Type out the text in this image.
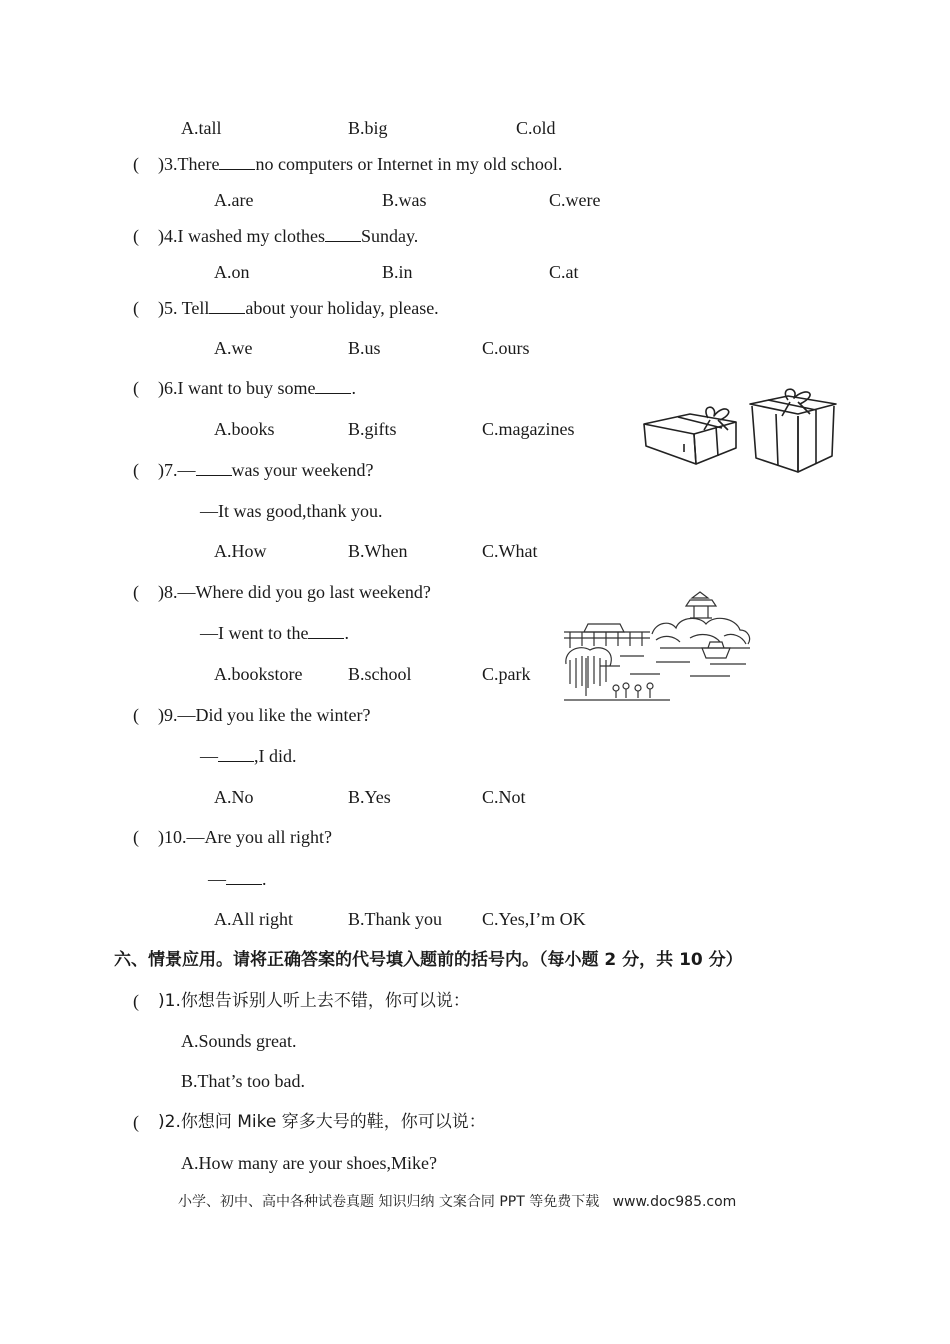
A.tall	B.big	C.old
( )3.There no computers or Internet in my old school.
A.are	B.was	C.were
( )4.I washed my clothes Sunday.
A.on	B.in	C.at
( )5. Tell about your holiday, please.
A.we	B.us	C.ours
( )6.I want to buy some .
A.books	B.gifts	C.magazines
( )7.— was your weekend?
—It was good,thank you.
A.How	B.When	C.What
( )8.—Where did you go last weekend?
—I went to the .
A.bookstore	B.school	C.park
( )9.—Did you like the winter?
— ,I did.
A.No	B.Yes	C.Not
( )10.—Are you all right?
— .
A.All right	B.Thank you C.Yes,I’m OK
六、情景应用。请将正确答案的代号填入题前的括号内。（每小题 2 分，共 10 分）
( )1.你想告诉别人听上去不错，你可以说：
A.Sounds great.
B.That’s too bad.
( )2.你想问 Mike 穿多大号的鞋，你可以说：
A.How many are your shoes,Mike?
小学、初中、高中各种试卷真题 知识归纳 文案合同 PPT 等免费下载   www.doc985.com
